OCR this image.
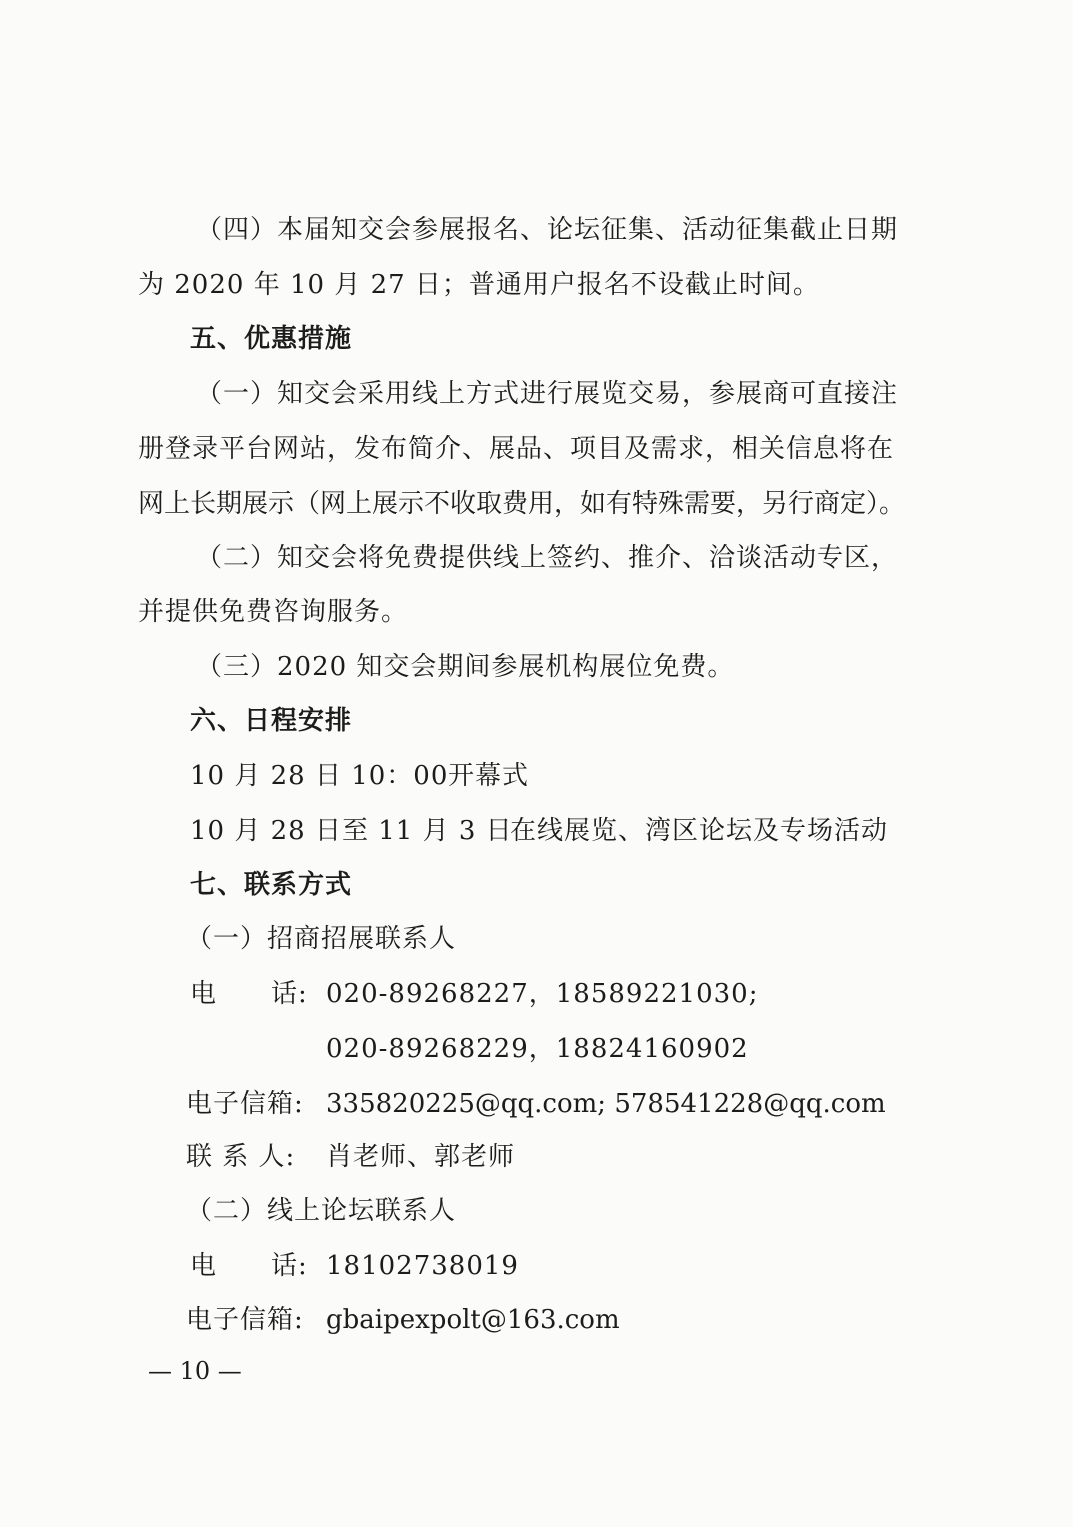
（四）本届知交会参展报名、论坛征集、活动征集截止日期
为 2020 年 10 月 27 日；普通用户报名不设截止时间。
五、优惠措施
（一）知交会采用线上方式进行展览交易，参展商可直接注
册登录平台网站，发布简介、展品、项目及需求，相关信息将在
网上长期展示（网上展示不收取费用，如有特殊需要，另行商定）。
（二）知交会将免费提供线上签约、推介、洽谈活动专区，
并提供免费咨询服务。
（三）2020 知交会期间参展机构展位免费。
六、日程安排
10 月 28 日 10：00 开幕式
10 月 28 日至 11 月 3 日
在线展览、湾区论坛及专场活动
七、联系方式
（一）招商招展联系人
电　　话: 020-89268227，18589221030;
020-89268229，18824160902
电子信箱: 335820225@qq.com; 578541228@qq.com
联 系 人: 肖老师、郭老师
（二）线上论坛联系人
电　　话: 18102738019
电子信箱: gbaipexpolt@163.com
— 10 —
